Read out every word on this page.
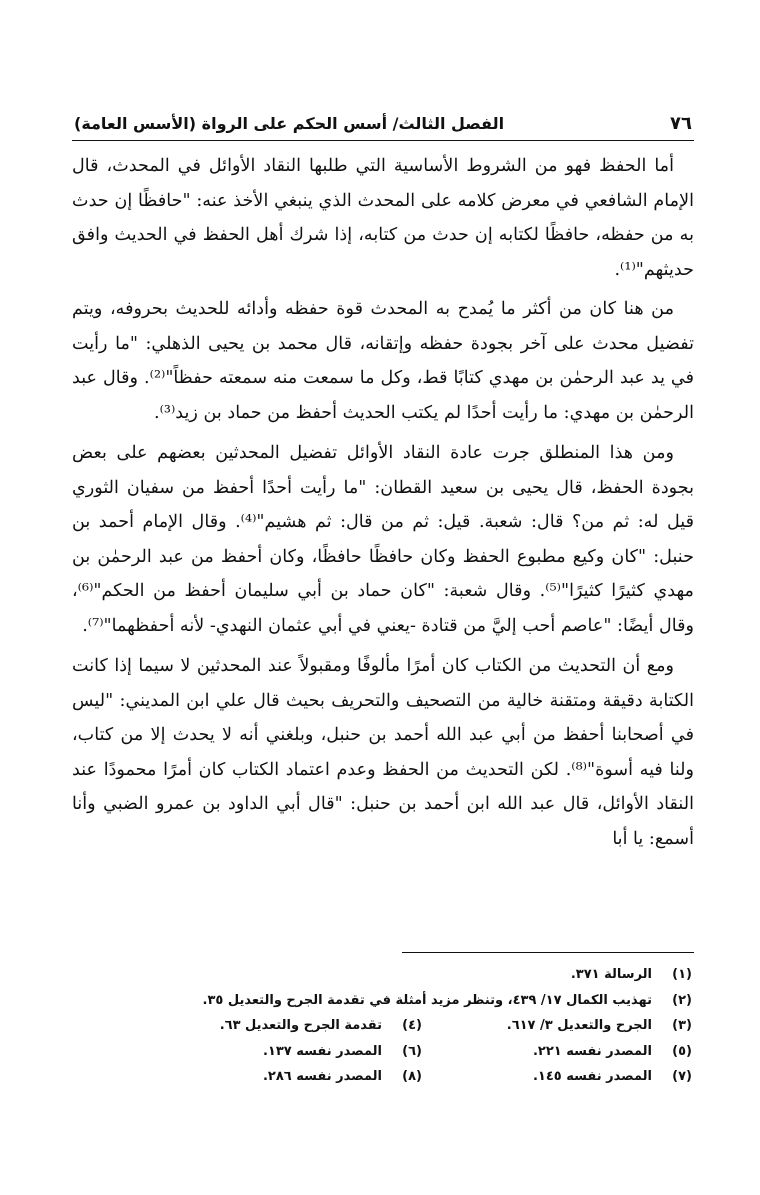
٧٦
الفصل الثالث/ أسس الحكم على الرواة (الأسس العامة)

أما الحفظ فهو من الشروط الأساسية التي طلبها النقاد الأوائل في المحدث، قال الإمام الشافعي في معرض كلامه على المحدث الذي ينبغي الأخذ عنه: "حافظًا إن حدث به من حفظه، حافظًا لكتابه إن حدث من كتابه، إذا شرك أهل الحفظ في الحديث وافق حديثهم"⁽¹⁾.

من هنا كان من أكثر ما يُمدح به المحدث قوة حفظه وأدائه للحديث بحروفه، ويتم تفضيل محدث على آخر بجودة حفظه وإتقانه، قال محمد بن يحيى الذهلي: "ما رأيت في يد عبد الرحمٰن بن مهدي كتابًا قط، وكل ما سمعت منه سمعته حفظاً"⁽²⁾. وقال عبد الرحمٰن بن مهدي: ما رأيت أحدًا لم يكتب الحديث أحفظ من حماد بن زيد⁽³⁾.

ومن هذا المنطلق جرت عادة النقاد الأوائل تفضيل المحدثين بعضهم على بعض بجودة الحفظ، قال يحيى بن سعيد القطان: "ما رأيت أحدًا أحفظ من سفيان الثوري قيل له: ثم من؟ قال: شعبة. قيل: ثم من قال: ثم هشيم"⁽⁴⁾. وقال الإمام أحمد بن حنبل: "كان وكيع مطبوع الحفظ وكان حافظًا حافظًا، وكان أحفظ من عبد الرحمٰن بن مهدي كثيرًا كثيرًا"⁽⁵⁾. وقال شعبة: "كان حماد بن أبي سليمان أحفظ من الحكم"⁽⁶⁾، وقال أيضًا: "عاصم أحب إليَّ من قتادة -يعني في أبي عثمان النهدي- لأنه أحفظهما"⁽⁷⁾.

ومع أن التحديث من الكتاب كان أمرًا مألوفًا ومقبولاً عند المحدثين لا سيما إذا كانت الكتابة دقيقة ومتقنة خالية من التصحيف والتحريف بحيث قال علي ابن المديني: "ليس في أصحابنا أحفظ من أبي عبد الله أحمد بن حنبل، وبلغني أنه لا يحدث إلا من كتاب، ولنا فيه أسوة"⁽⁸⁾. لكن التحديث من الحفظ وعدم اعتماد الكتاب كان أمرًا محمودًا عند النقاد الأوائل، قال عبد الله ابن أحمد بن حنبل: "قال أبي الداود بن عمرو الضبي وأنا أسمع: يا أبا

(١)
الرسالة ٣٧١.
(٢)
تهذيب الكمال ١٧/ ٤٣٩، وتنظر مزيد أمثلة في تقدمة الجرح والتعديل ٣٥.
(٣)
الجرح والتعديل ٣/ ٦١٧.
(٤)
تقدمة الجرح والتعديل ٦٣.
(٥)
المصدر نفسه ٢٢١.
(٦)
المصدر نفسه ١٣٧.
(٧)
المصدر نفسه ١٤٥.
(٨)
المصدر نفسه ٢٨٦.
